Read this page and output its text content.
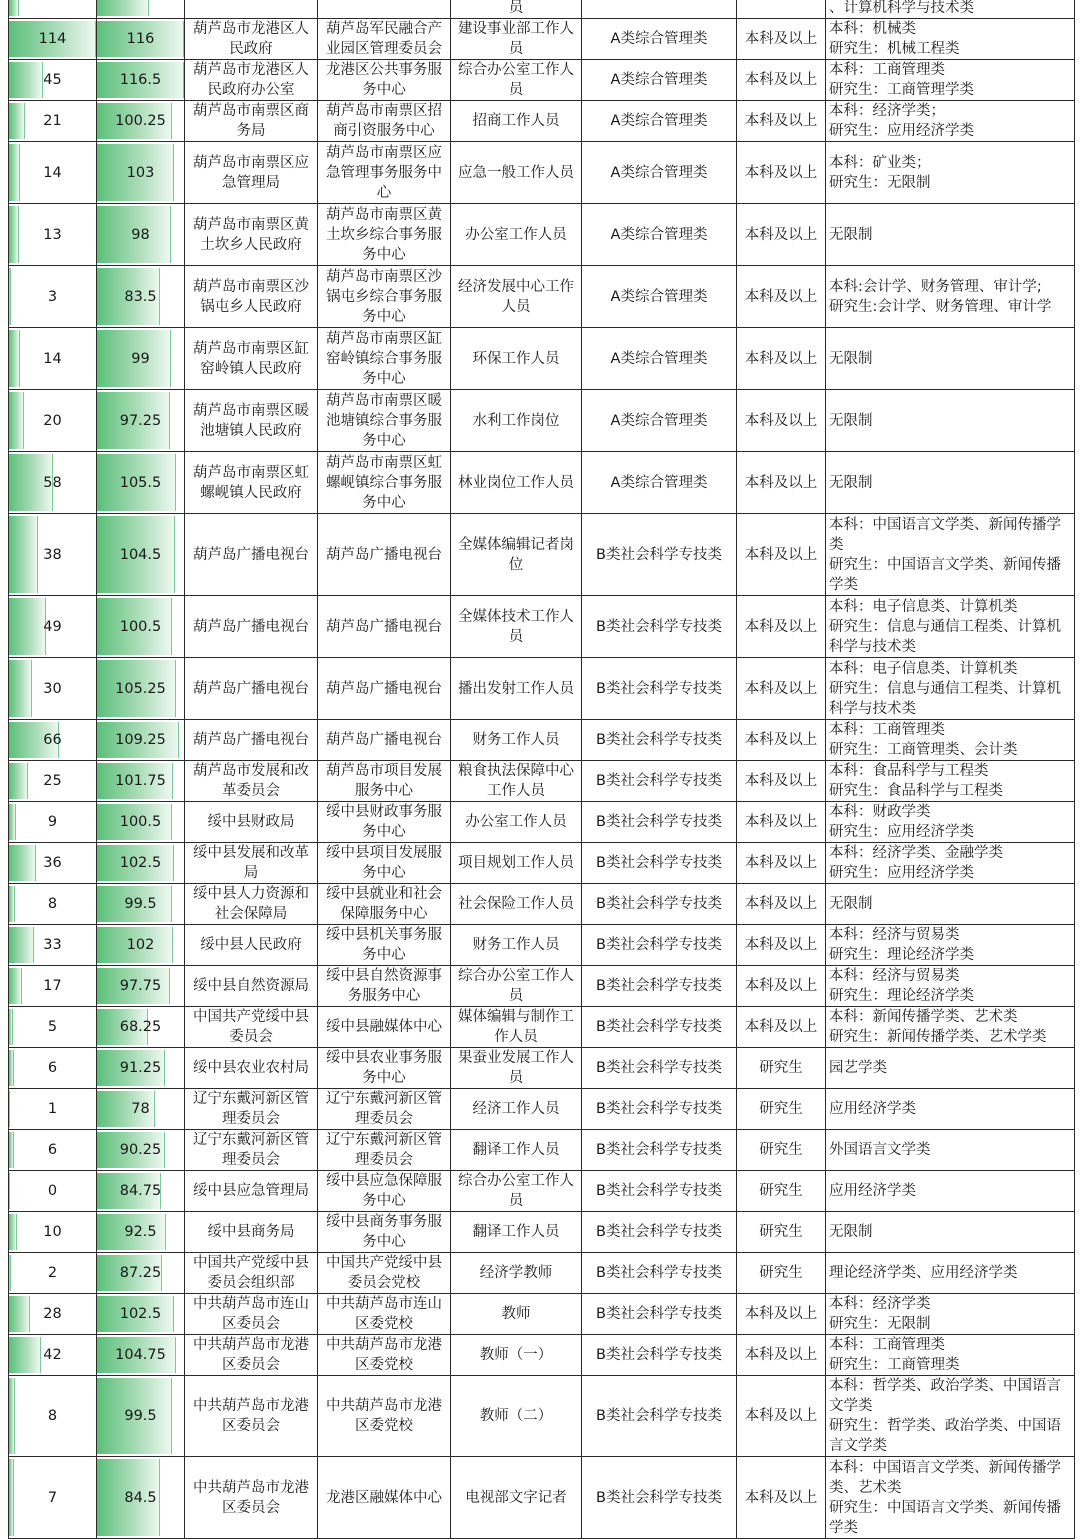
			员			、计算机科学与技术类

114	116	葫芦岛市龙港区人民政府	葫芦岛军民融合产业园区管理委员会	建设事业部工作人员	A类综合管理类	本科及以上	本科：机械类
研究生：机械工程类

45	116.5	葫芦岛市龙港区人民政府办公室	龙港区公共事务服务中心	综合办公室工作人员	A类综合管理类	本科及以上	本科：工商管理类
研究生：工商管理学类

21	100.25	葫芦岛市南票区商务局	葫芦岛市南票区招商引资服务中心	招商工作人员	A类综合管理类	本科及以上	本科：经济学类；
研究生：应用经济学类

14	103	葫芦岛市南票区应急管理局	葫芦岛市南票区应急管理事务服务中心	应急一般工作人员	A类综合管理类	本科及以上	本科：矿业类；
研究生：无限制

13	98	葫芦岛市南票区黄土坎乡人民政府	葫芦岛市南票区黄土坎乡综合事务服务中心	办公室工作人员	A类综合管理类	本科及以上	无限制

3	83.5	葫芦岛市南票区沙锅屯乡人民政府	葫芦岛市南票区沙锅屯乡综合事务服务中心	经济发展中心工作人员	A类综合管理类	本科及以上	本科:会计学、财务管理、审计学;
研究生:会计学、财务管理、审计学

14	99	葫芦岛市南票区缸窑岭镇人民政府	葫芦岛市南票区缸窑岭镇综合事务服务中心	环保工作人员	A类综合管理类	本科及以上	无限制

20	97.25	葫芦岛市南票区暖池塘镇人民政府	葫芦岛市南票区暖池塘镇综合事务服务中心	水利工作岗位	A类综合管理类	本科及以上	无限制

58	105.5	葫芦岛市南票区虹螺岘镇人民政府	葫芦岛市南票区虹螺岘镇综合事务服务中心	林业岗位工作人员	A类综合管理类	本科及以上	无限制

38	104.5	葫芦岛广播电视台	葫芦岛广播电视台	全媒体编辑记者岗位	B类社会科学专技类	本科及以上	本科：中国语言文学类、新闻传播学类
研究生：中国语言文学类、新闻传播学类

49	100.5	葫芦岛广播电视台	葫芦岛广播电视台	全媒体技术工作人员	B类社会科学专技类	本科及以上	本科：电子信息类、计算机类
研究生：信息与通信工程类、计算机科学与技术类

30	105.25	葫芦岛广播电视台	葫芦岛广播电视台	播出发射工作人员	B类社会科学专技类	本科及以上	本科：电子信息类、计算机类
研究生：信息与通信工程类、计算机科学与技术类

66	109.25	葫芦岛广播电视台	葫芦岛广播电视台	财务工作人员	B类社会科学专技类	本科及以上	本科：工商管理类
研究生：工商管理类、会计类

25	101.75	葫芦岛市发展和改革委员会	葫芦岛市项目发展服务中心	粮食执法保障中心工作人员	B类社会科学专技类	本科及以上	本科：食品科学与工程类
研究生：食品科学与工程类

9	100.5	绥中县财政局	绥中县财政事务服务中心	办公室工作人员	B类社会科学专技类	本科及以上	本科：财政学类
研究生：应用经济学类

36	102.5	绥中县发展和改革局	绥中县项目发展服务中心	项目规划工作人员	B类社会科学专技类	本科及以上	本科：经济学类、金融学类
研究生：应用经济学类

8	99.5	绥中县人力资源和社会保障局	绥中县就业和社会保障服务中心	社会保险工作人员	B类社会科学专技类	本科及以上	无限制

33	102	绥中县人民政府	绥中县机关事务服务中心	财务工作人员	B类社会科学专技类	本科及以上	本科：经济与贸易类
研究生：理论经济学类

17	97.75	绥中县自然资源局	绥中县自然资源事务服务中心	综合办公室工作人员	B类社会科学专技类	本科及以上	本科：经济与贸易类
研究生：理论经济学类

5	68.25	中国共产党绥中县委员会	绥中县融媒体中心	媒体编辑与制作工作人员	B类社会科学专技类	本科及以上	本科：新闻传播学类、艺术类
研究生：新闻传播学类、艺术学类

6	91.25	绥中县农业农村局	绥中县农业事务服务中心	果蚕业发展工作人员	B类社会科学专技类	研究生	园艺学类

1	78	辽宁东戴河新区管理委员会	辽宁东戴河新区管理委员会	经济工作人员	B类社会科学专技类	研究生	应用经济学类

6	90.25	辽宁东戴河新区管理委员会	辽宁东戴河新区管理委员会	翻译工作人员	B类社会科学专技类	研究生	外国语言文学类

0	84.75	绥中县应急管理局	绥中县应急保障服务中心	综合办公室工作人员	B类社会科学专技类	研究生	应用经济学类

10	92.5	绥中县商务局	绥中县商务事务服务中心	翻译工作人员	B类社会科学专技类	研究生	无限制

2	87.25	中国共产党绥中县委员会组织部	中国共产党绥中县委员会党校	经济学教师	B类社会科学专技类	研究生	理论经济学类、应用经济学类

28	102.5	中共葫芦岛市连山区委员会	中共葫芦岛市连山区委党校	教师	B类社会科学专技类	本科及以上	本科：经济学类
研究生：无限制

42	104.75	中共葫芦岛市龙港区委员会	中共葫芦岛市龙港区委党校	教师（一）	B类社会科学专技类	本科及以上	本科：工商管理类
研究生：工商管理类

8	99.5	中共葫芦岛市龙港区委员会	中共葫芦岛市龙港区委党校	教师（二）	B类社会科学专技类	本科及以上	本科：哲学类、政治学类、中国语言文学类
研究生：哲学类、政治学类、中国语言文学类

7	84.5	中共葫芦岛市龙港区委员会	龙港区融媒体中心	电视部文字记者	B类社会科学专技类	本科及以上	本科：中国语言文学类、新闻传播学类、艺术类
研究生：中国语言文学类、新闻传播学类
